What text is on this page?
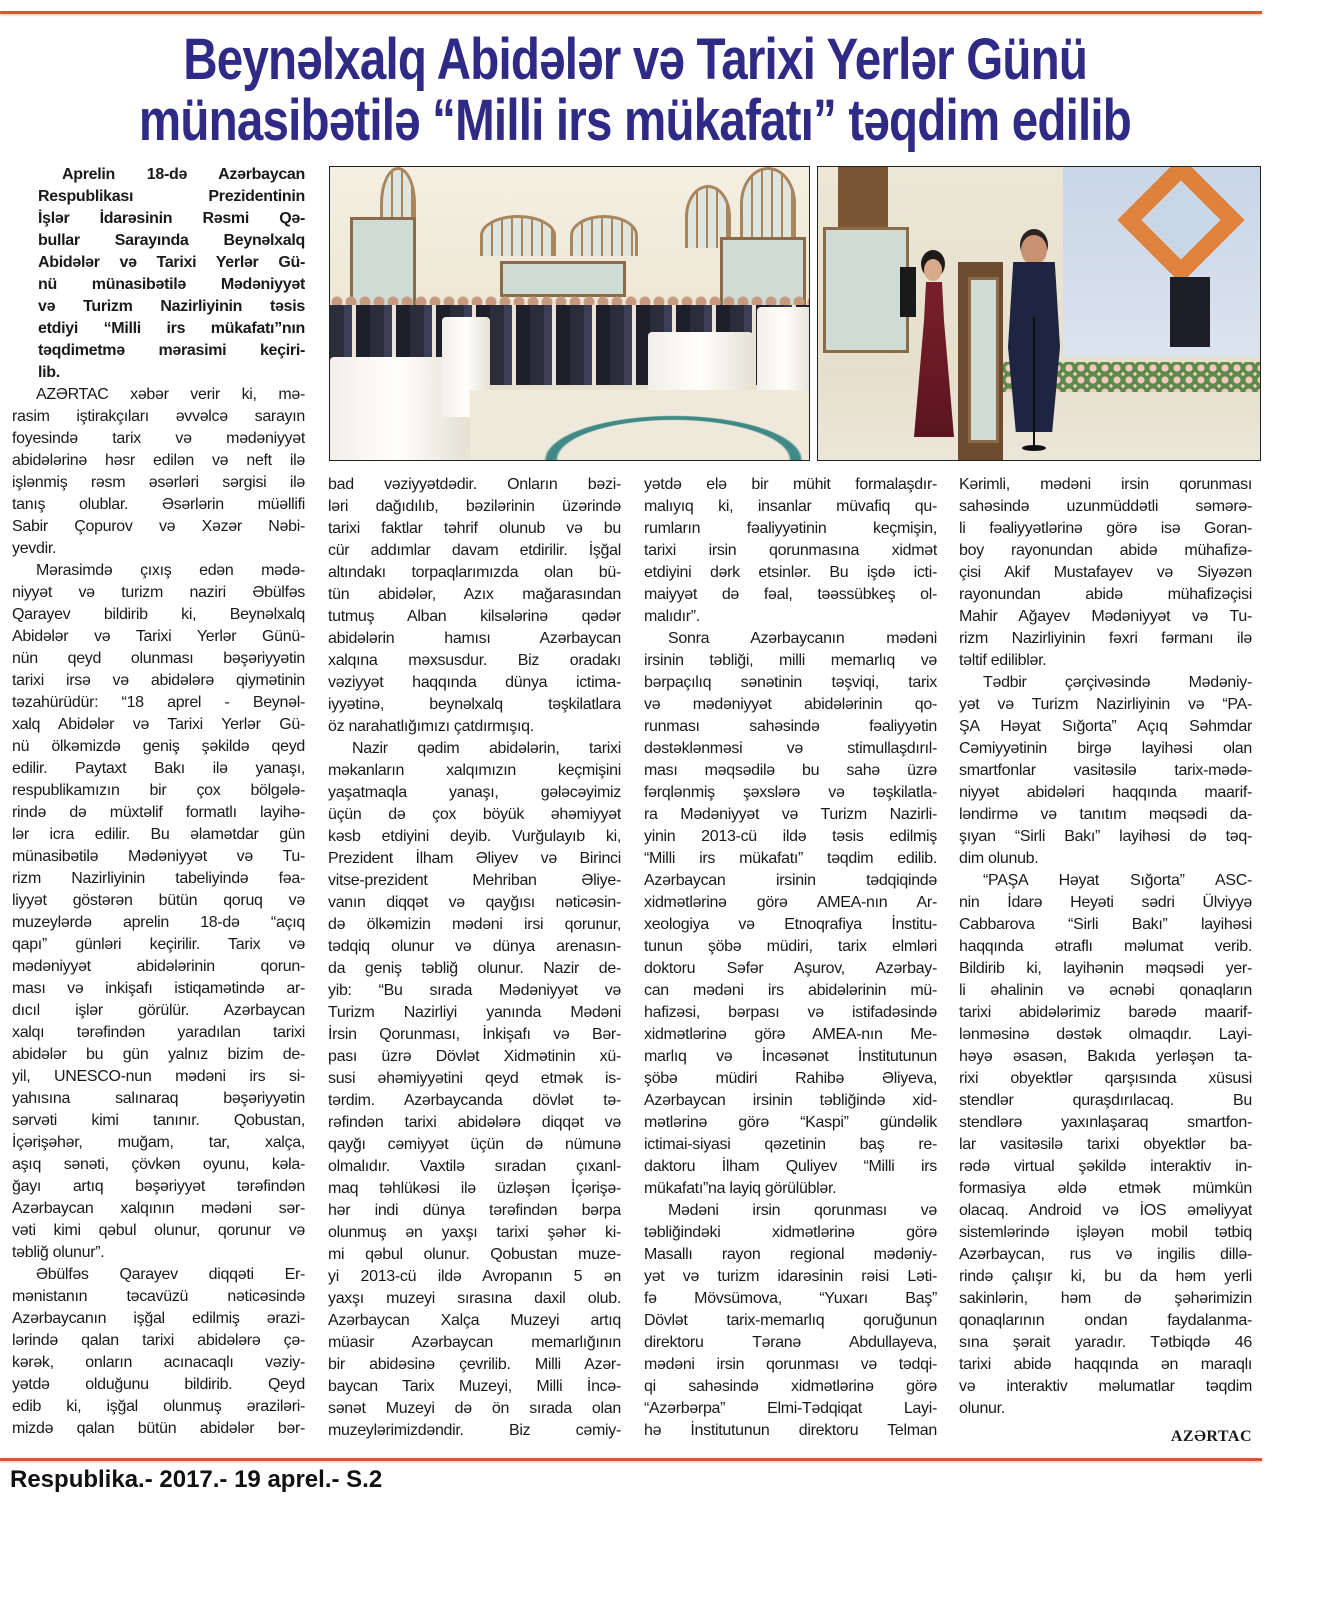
Beynəlxalq Abidələr və Tarixi Yerlər Günü
münasibətilə “Milli irs mükafatı” təqdim edilib
Aprelin 18-də Azərbaycan
Respublikası Prezidentinin
İşlər İdarəsinin Rəsmi Qə-
bullar Sarayında Beynəlxalq
Abidələr və Tarixi Yerlər Gü-
nü münasibətilə Mədəniyyət
və Turizm Nazirliyinin təsis
etdiyi “Milli irs mükafatı”nın
təqdimetmə mərasimi keçiri-
lib.
AZƏRTAC xəbər verir ki, mə-
rasim iştirakçıları əvvəlcə sarayın
foyesində tarix və mədəniyyət
abidələrinə həsr edilən və neft ilə
işlənmiş rəsm əsərləri sərgisi ilə
tanış olublar. Əsərlərin müəllifi
Sabir Çopurov və Xəzər Nəbi-
yevdir.
Mərasimdə çıxış edən mədə-
niyyət və turizm naziri Əbülfəs
Qarayev bildirib ki, Beynəlxalq
Abidələr və Tarixi Yerlər Günü-
nün qeyd olunması bəşəriyyətin
tarixi irsə və abidələrə qiymətinin
təzahürüdür: “18 aprel - Beynəl-
xalq Abidələr və Tarixi Yerlər Gü-
nü ölkəmizdə geniş şəkildə qeyd
edilir. Paytaxt Bakı ilə yanaşı,
respublikamızın bir çox bölgələ-
rində də müxtəlif formatlı layihə-
lər icra edilir. Bu əlamətdar gün
münasibətilə Mədəniyyət və Tu-
rizm Nazirliyinin tabeliyində fəa-
liyyət göstərən bütün qoruq və
muzeylərdə aprelin 18-də “açıq
qapı” günləri keçirilir. Tarix və
mədəniyyət abidələrinin qorun-
ması və inkişafı istiqamətində ar-
dıcıl işlər görülür. Azərbaycan
xalqı tərəfindən yaradılan tarixi
abidələr bu gün yalnız bizim de-
yil, UNESCO-nun mədəni irs si-
yahısına salınaraq bəşəriyyətin
sərvəti kimi tanınır. Qobustan,
İçərişəhər, muğam, tar, xalça,
aşıq sənəti, çövkən oyunu, kəla-
ğayı artıq bəşəriyyət tərəfindən
Azərbaycan xalqının mədəni sər-
vəti kimi qəbul olunur, qorunur və
təbliğ olunur”.
Əbülfəs Qarayev diqqəti Er-
mənistanın təcavüzü nəticəsində
Azərbaycanın işğal edilmiş ərazi-
lərində qalan tarixi abidələrə çə-
kərək, onların acınacaqlı vəziy-
yətdə olduğunu bildirib. Qeyd
edib ki, işğal olunmuş əraziləri-
mizdə qalan bütün abidələr bər-
bad vəziyyətdədir. Onların bəzi-
ləri dağıdılıb, bəzilərinin üzərində
tarixi faktlar təhrif olunub və bu
cür addımlar davam etdirilir. İşğal
altındakı torpaqlarımızda olan bü-
tün abidələr, Azıx mağarasından
tutmuş Alban kilsələrinə qədər
abidələrin hamısı Azərbaycan
xalqına məxsusdur. Biz oradakı
vəziyyət haqqında dünya ictima-
iyyətinə, beynəlxalq təşkilatlara
öz narahatlığımızı çatdırmışıq.
Nazir qədim abidələrin, tarixi
məkanların xalqımızın keçmişini
yaşatmaqla yanaşı, gələcəyimiz
üçün də çox böyük əhəmiyyət
kəsb etdiyini deyib. Vurğulayıb ki,
Prezident İlham Əliyev və Birinci
vitse-prezident Mehriban Əliye-
vanın diqqət və qayğısı nəticəsin-
də ölkəmizin mədəni irsi qorunur,
tədqiq olunur və dünya arenasın-
da geniş təbliğ olunur. Nazir de-
yib: “Bu sırada Mədəniyyət və
Turizm Nazirliyi yanında Mədəni
İrsin Qorunması, İnkişafı və Bər-
pası üzrə Dövlət Xidmətinin xü-
susi əhəmiyyətini qeyd etmək is-
tərdim. Azərbaycanda dövlət tə-
rəfindən tarixi abidələrə diqqət və
qayğı cəmiyyət üçün də nümunə
olmalıdır. Vaxtilə sıradan çıxanl-
maq təhlükəsi ilə üzləşən İçərişə-
hər indi dünya tərəfindən bərpa
olunmuş ən yaxşı tarixi şəhər ki-
mi qəbul olunur. Qobustan muze-
yi 2013-cü ildə Avropanın 5 ən
yaxşı muzeyi sırasına daxil olub.
Azərbaycan Xalça Muzeyi artıq
müasir Azərbaycan memarlığının
bir abidəsinə çevrilib. Milli Azər-
baycan Tarix Muzeyi, Milli İncə-
sənət Muzeyi də ön sırada olan
muzeylərimizdəndir. Biz cəmiy-
yətdə elə bir mühit formalaşdır-
malıyıq ki, insanlar müvafiq qu-
rumların fəaliyyətinin keçmişin,
tarixi irsin qorunmasına xidmət
etdiyini dərk etsinlər. Bu işdə icti-
maiyyət də fəal, təəssübkeş ol-
malıdır”.
Sonra Azərbaycanın mədəni
irsinin təbliği, milli memarlıq və
bərpaçılıq sənətinin təşviqi, tarix
və mədəniyyət abidələrinin qo-
runması sahəsində fəaliyyətin
dəstəklənməsi və stimullaşdırıl-
ması məqsədilə bu sahə üzrə
fərqlənmiş şəxslərə və təşkilatla-
ra Mədəniyyət və Turizm Nazirli-
yinin 2013-cü ildə təsis edilmiş
“Milli irs mükafatı” təqdim edilib.
Azərbaycan irsinin tədqiqində
xidmətlərinə görə AMEA-nın Ar-
xeologiya və Etnoqrafiya İnstitu-
tunun şöbə müdiri, tarix elmləri
doktoru Səfər Aşurov, Azərbay-
can mədəni irs abidələrinin mü-
hafizəsi, bərpası və istifadəsində
xidmətlərinə görə AMEA-nın Me-
marlıq və İncəsənət İnstitutunun
şöbə müdiri Rahibə Əliyeva,
Azərbaycan irsinin təbliğində xid-
mətlərinə görə “Kaspi” gündəlik
ictimai-siyasi qəzetinin baş re-
daktoru İlham Quliyev “Milli irs
mükafatı”na layiq görülüblər.
Mədəni irsin qorunması və
təbliğindəki xidmətlərinə görə
Masallı rayon regional mədəniy-
yət və turizm idarəsinin rəisi Ləti-
fə Mövsümova, “Yuxarı Baş”
Dövlət tarix-memarlıq qoruğunun
direktoru Təranə Abdullayeva,
mədəni irsin qorunması və tədqi-
qi sahəsində xidmətlərinə görə
“Azərbərpa” Elmi-Tədqiqat Layi-
hə İnstitutunun direktoru Telman
Kərimli, mədəni irsin qorunması
sahəsində uzunmüddətli səmərə-
li fəaliyyətlərinə görə isə Goran-
boy rayonundan abidə mühafizə-
çisi Akif Mustafayev və Siyəzən
rayonundan abidə mühafizəçisi
Mahir Ağayev Mədəniyyət və Tu-
rizm Nazirliyinin fəxri fərmanı ilə
təltif ediliblər.
Tədbir çərçivəsində Mədəniy-
yət və Turizm Nazirliyinin və “PA-
ŞA Həyat Sığorta” Açıq Səhmdar
Cəmiyyətinin birgə layihəsi olan
smartfonlar vasitəsilə tarix-mədə-
niyyət abidələri haqqında maarif-
ləndirmə və tanıtım məqsədi da-
şıyan “Sirli Bakı” layihəsi də təq-
dim olunub.
“PAŞA Həyat Sığorta” ASC-
nin İdarə Heyəti sədri Ülviyyə
Cabbarova “Sirli Bakı” layihəsi
haqqında ətraflı məlumat verib.
Bildirib ki, layihənin məqsədi yer-
li əhalinin və əcnəbi qonaqların
tarixi abidələrimiz barədə maarif-
lənməsinə dəstək olmaqdır. Layi-
həyə əsasən, Bakıda yerləşən ta-
rixi obyektlər qarşısında xüsusi
stendlər quraşdırılacaq. Bu
stendlərə yaxınlaşaraq smartfon-
lar vasitəsilə tarixi obyektlər ba-
rədə virtual şəkildə interaktiv in-
formasiya əldə etmək mümkün
olacaq. Android və İOS əməliyyat
sistemlərində işləyən mobil tətbiq
Azərbaycan, rus və ingilis dillə-
rində çalışır ki, bu da həm yerli
sakinlərin, həm də şəhərimizin
qonaqlarının ondan faydalanma-
sına şərait yaradır. Tətbiqdə 46
tarixi abidə haqqında ən maraqlı
və interaktiv məlumatlar təqdim
olunur.
AZƏRTAC
Respublika.- 2017.- 19 aprel.- S.2
